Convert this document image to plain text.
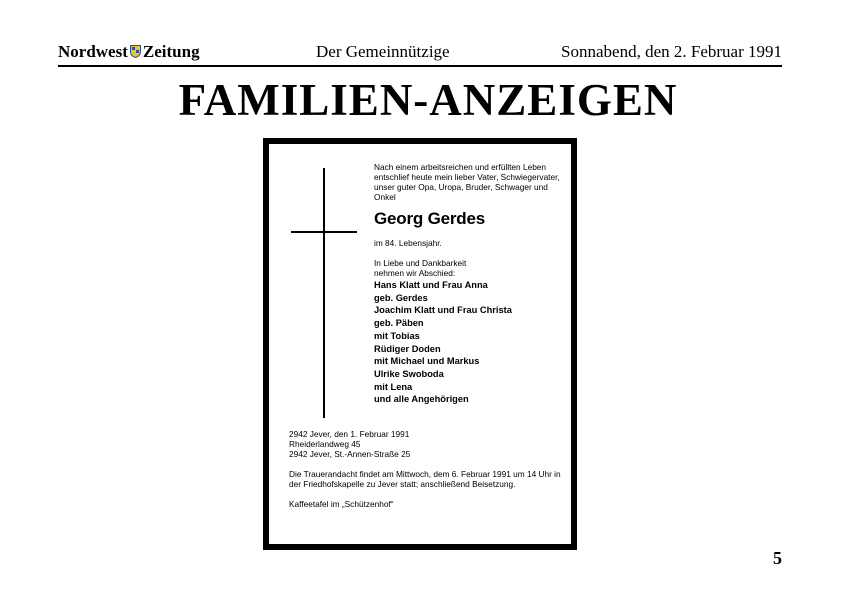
Nordwest Zeitung	Der Gemeinnützige	Sonnabend, den 2. Februar 1991
FAMILIEN-ANZEIGEN

Nach einem arbeitsreichen und erfüllten Leben entschlief heute mein lieber Vater, Schwiegervater, unser guter Opa, Uropa, Bruder, Schwager und Onkel

Georg Gerdes

im 84. Lebensjahr.

In Liebe und Dankbarkeit
nehmen wir Abschied:

Hans Klatt und Frau Anna
geb. Gerdes
Joachim Klatt und Frau Christa
geb. Päben
mit Tobias
Rüdiger Doden
mit Michael und Markus
Ulrike Swoboda
mit Lena
und alle Angehörigen

2942 Jever, den 1. Februar 1991
Rheiderlandweg 45
2942 Jever, St.-Annen-Straße 25

Die Trauerandacht findet am Mittwoch, dem 6. Februar 1991 um 14 Uhr in der Friedhofskapelle zu Jever statt; anschließend Beisetzung.

Kaffeetafel im „Schützenhof“

5
